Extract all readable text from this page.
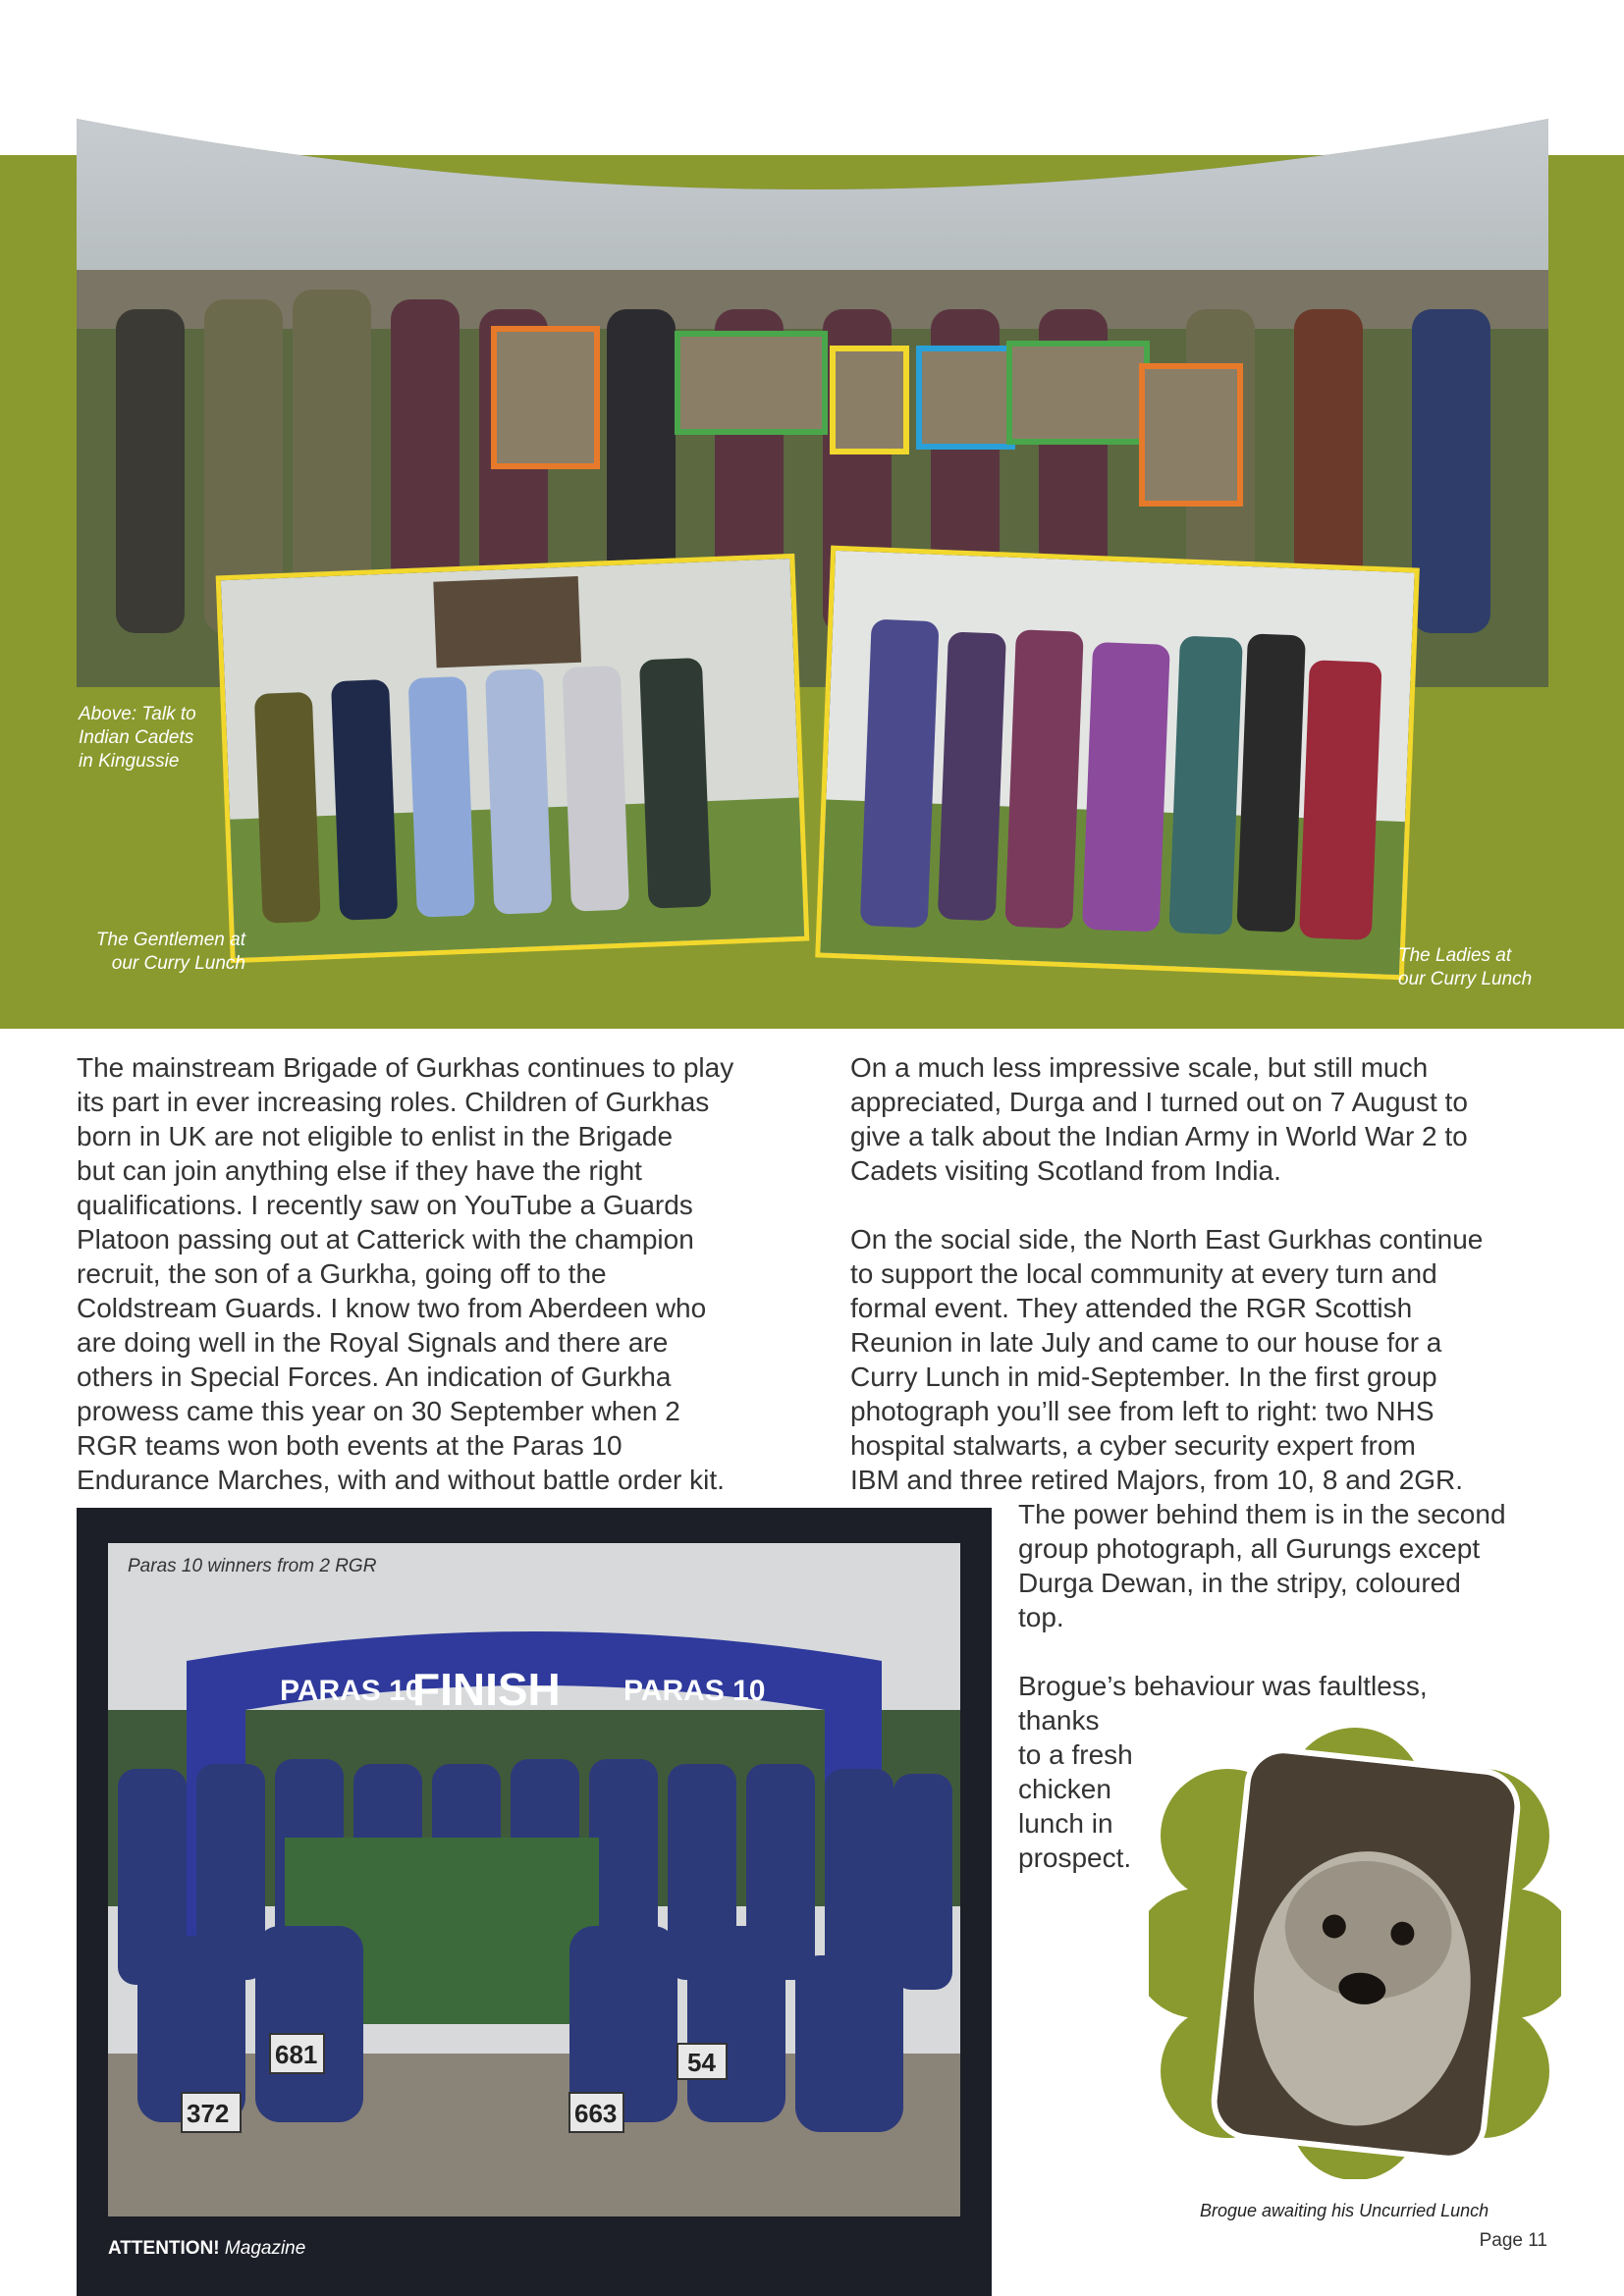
Above: Talk to
Indian Cadets
in Kingussie
The Gentlemen at
our Curry Lunch	The Ladies at
our Curry Lunch
The mainstream Brigade of Gurkhas continues to play
its part in ever increasing roles. Children of Gurkhas
born in UK are not eligible to enlist in the Brigade
but can join anything else if they have the right
qualifications. I recently saw on YouTube a Guards
Platoon passing out at Catterick with the champion
recruit, the son of a Gurkha, going off to the
Coldstream Guards. I know two from Aberdeen who
are doing well in the Royal Signals and there are
others in Special Forces. An indication of Gurkha
prowess came this year on 30 September when 2
RGR teams won both events at the Paras 10
Endurance Marches, with and without battle order kit.
On a much less impressive scale, but still much
appreciated, Durga and I turned out on 7 August to
give a talk about the Indian Army in World War 2 to
Cadets visiting Scotland from India.

On the social side, the North East Gurkhas continue
to support the local community at every turn and
formal event. They attended the RGR Scottish
Reunion in late July and came to our house for a
Curry Lunch in mid-September. In the first group
photograph you’ll see from left to right: two NHS
hospital stalwarts, a cyber security expert from
IBM and three retired Majors, from 10, 8 and 2GR.
The power behind them is in the second
group photograph, all Gurungs except
Durga Dewan, in the stripy, coloured
top.

Brogue’s behaviour was faultless,
thanks
to a fresh
chicken
lunch in
prospect.
PARAS 10
FINISH PARAS 10
372
681
663
54
Paras 10 winners from 2 RGR
ATTENTION! Magazine
Brogue awaiting his Uncurried Lunch
Page 11
